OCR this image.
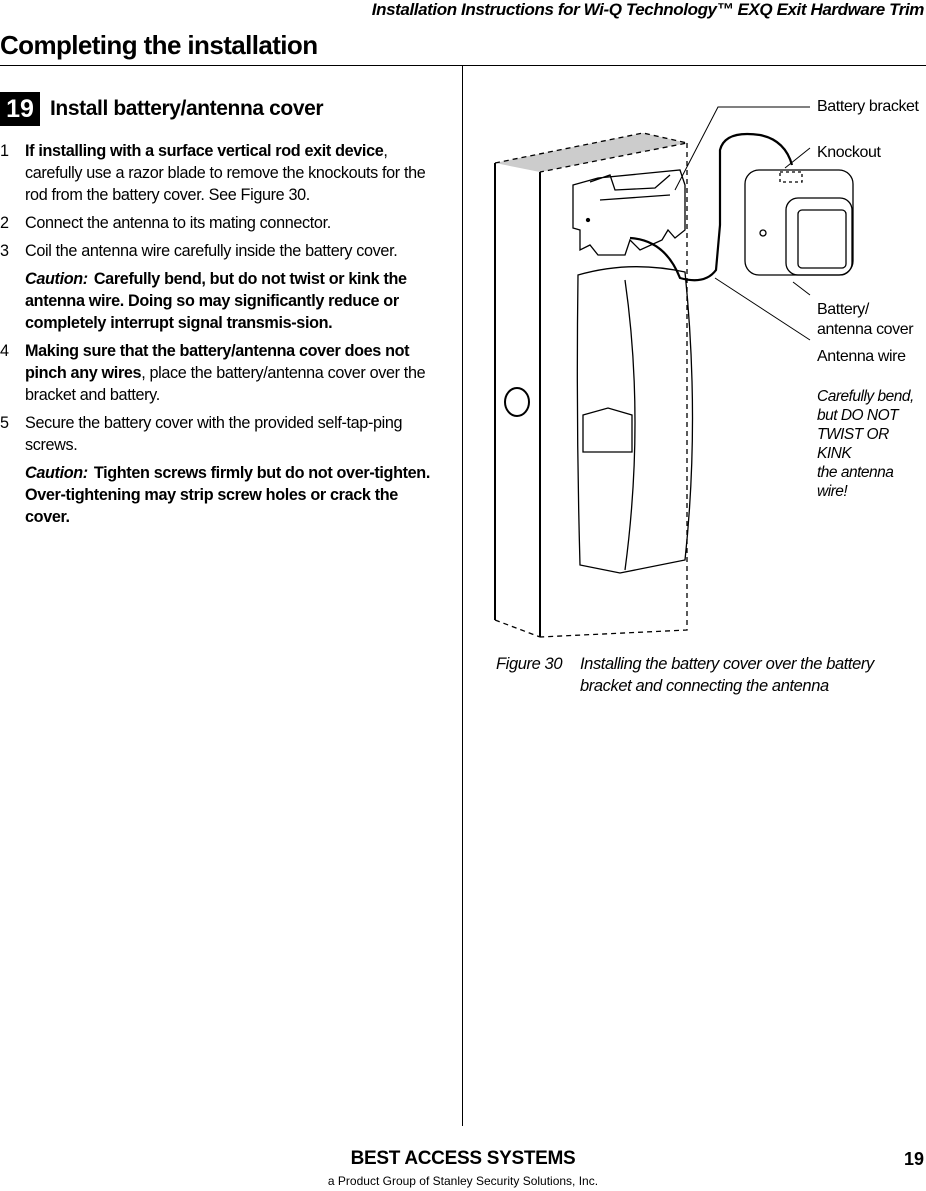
Installation Instructions for Wi-Q Technology™ EXQ Exit Hardware Trim
Completing the installation
19 Install battery/antenna cover
1	If installing with a surface vertical rod exit device, carefully use a razor blade to remove the knockouts for the rod from the battery cover. See Figure 30.
2	Connect the antenna to its mating connector.
3	Coil the antenna wire carefully inside the battery cover.
Caution: Carefully bend, but do not twist or kink the antenna wire. Doing so may significantly reduce or completely interrupt signal transmis-sion.
4	Making sure that the battery/antenna cover does not pinch any wires, place the battery/antenna cover over the bracket and battery.
5	Secure the battery cover with the provided self-tap-ping screws.
Caution: Tighten screws firmly but do not over-tighten. Over-tightening may strip screw holes or crack the cover.
Battery bracket
Knockout
Battery/
antenna cover
Antenna wire
Carefully bend,
but DO NOT
TWIST OR KINK
the antenna
wire!
Figure 30	Installing the battery cover over the battery bracket and connecting the antenna
BEST ACCESS SYSTEMS
a Product Group of Stanley Security Solutions, Inc.
19
